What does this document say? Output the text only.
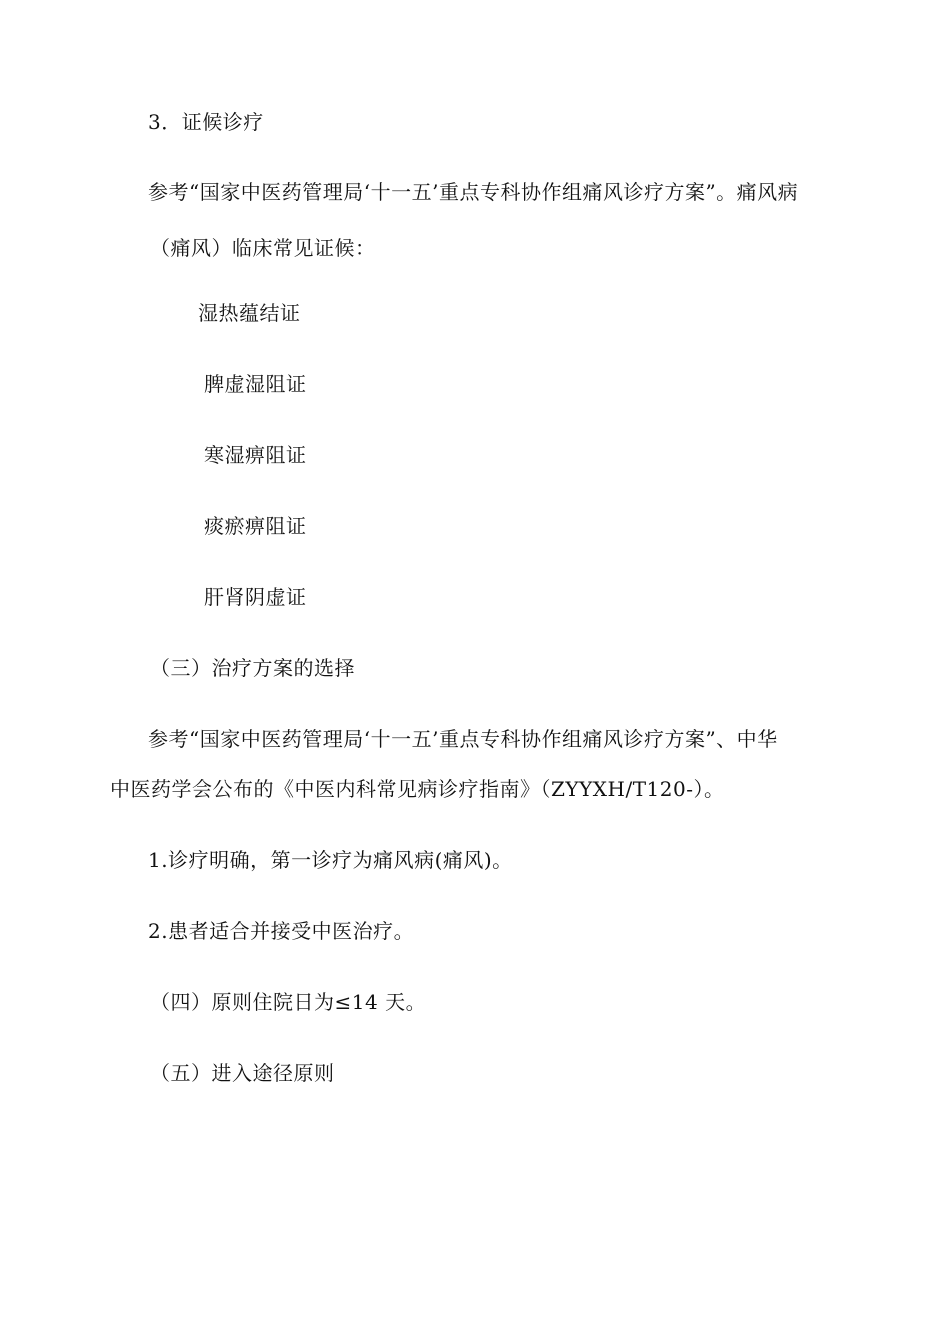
3．证候诊疗
参考“国家中医药管理局‘十一五’重点专科协作组痛风诊疗方案”。痛风病
（痛风）临床常见证候：
湿热蕴结证
脾虚湿阻证
寒湿痹阻证
痰瘀痹阻证
肝肾阴虚证
（三）治疗方案的选择
参考“国家中医药管理局‘十一五’重点专科协作组痛风诊疗方案”、中华
中医药学会公布的《中医内科常见病诊疗指南》（ZYYXH/T120-）。
1.诊疗明确，第一诊疗为痛风病(痛风)。
2.患者适合并接受中医治疗。
（四）原则住院日为≤14 天。
（五）进入途径原则
